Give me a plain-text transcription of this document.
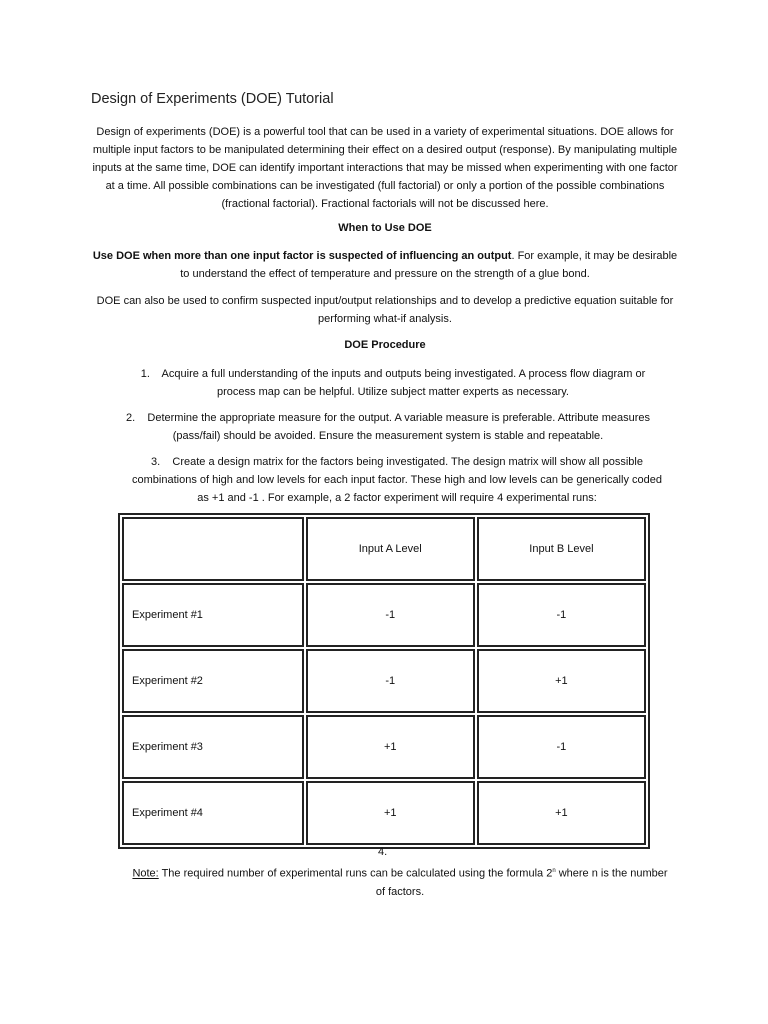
Design of Experiments (DOE) Tutorial
Design of experiments (DOE) is a powerful tool that can be used in a variety of experimental situations. DOE allows for multiple input factors to be manipulated determining their effect on a desired output (response). By manipulating multiple inputs at the same time, DOE can identify important interactions that may be missed when experimenting with one factor at a time. All possible combinations can be investigated (full factorial) or only a portion of the possible combinations (fractional factorial). Fractional factorials will not be discussed here.
When to Use DOE
Use DOE when more than one input factor is suspected of influencing an output. For example, it may be desirable to understand the effect of temperature and pressure on the strength of a glue bond.
DOE can also be used to confirm suspected input/output relationships and to develop a predictive equation suitable for performing what-if analysis.
DOE Procedure
1. Acquire a full understanding of the inputs and outputs being investigated. A process flow diagram or process map can be helpful. Utilize subject matter experts as necessary.
2. Determine the appropriate measure for the output. A variable measure is preferable. Attribute measures (pass/fail) should be avoided. Ensure the measurement system is stable and repeatable.
3. Create a design matrix for the factors being investigated. The design matrix will show all possible combinations of high and low levels for each input factor. These high and low levels can be generically coded as +1 and -1 . For example, a 2 factor experiment will require 4 experimental runs:
	Input A Level	Input B Level
Experiment #1	-1	-1
Experiment #2	-1	+1
Experiment #3	+1	-1
Experiment #4	+1	+1
4.
Note: The required number of experimental runs can be calculated using the formula 2$^n$ where n is the number of factors.
